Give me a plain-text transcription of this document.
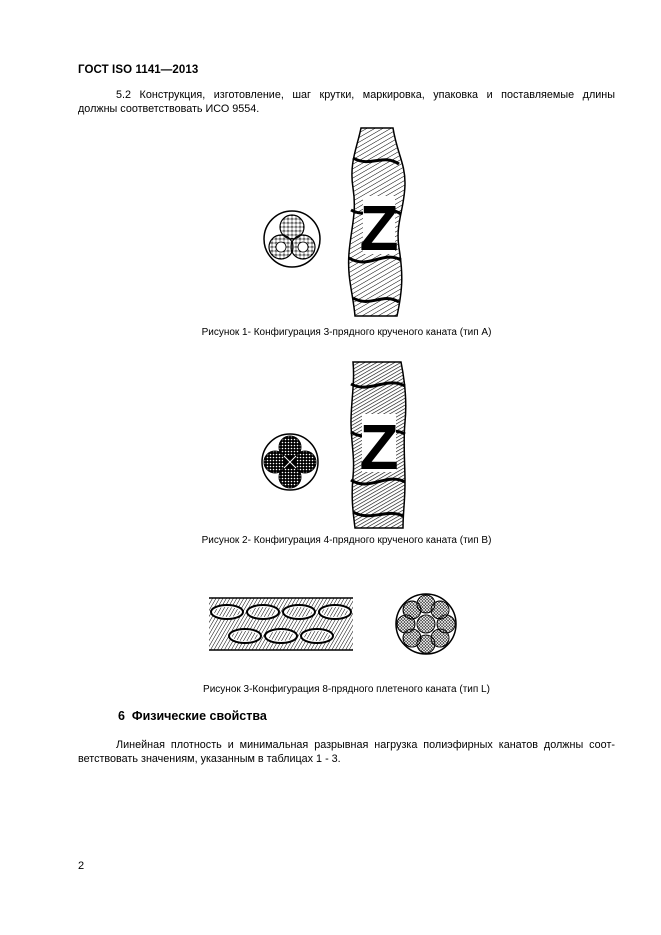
ГОСТ ISO 1141—2013
5.2 Конструкция, изготовление, шаг крутки, маркировка, упаковка и поставляемые длины
должны соответствовать ИСО 9554.
Z
Рисунок 1- Конфигурация 3-прядного крученого каната (тип А)
Z
Рисунок 2- Конфигурация 4-прядного крученого каната (тип В)
Рисунок 3-Конфигурация 8-прядного плетеного каната (тип L)
6 Физические свойства
Линейная плотность и минимальная разрывная нагрузка полиэфирных канатов должны соот-
ветствовать значениям, указанным в таблицах 1 - 3.
2
